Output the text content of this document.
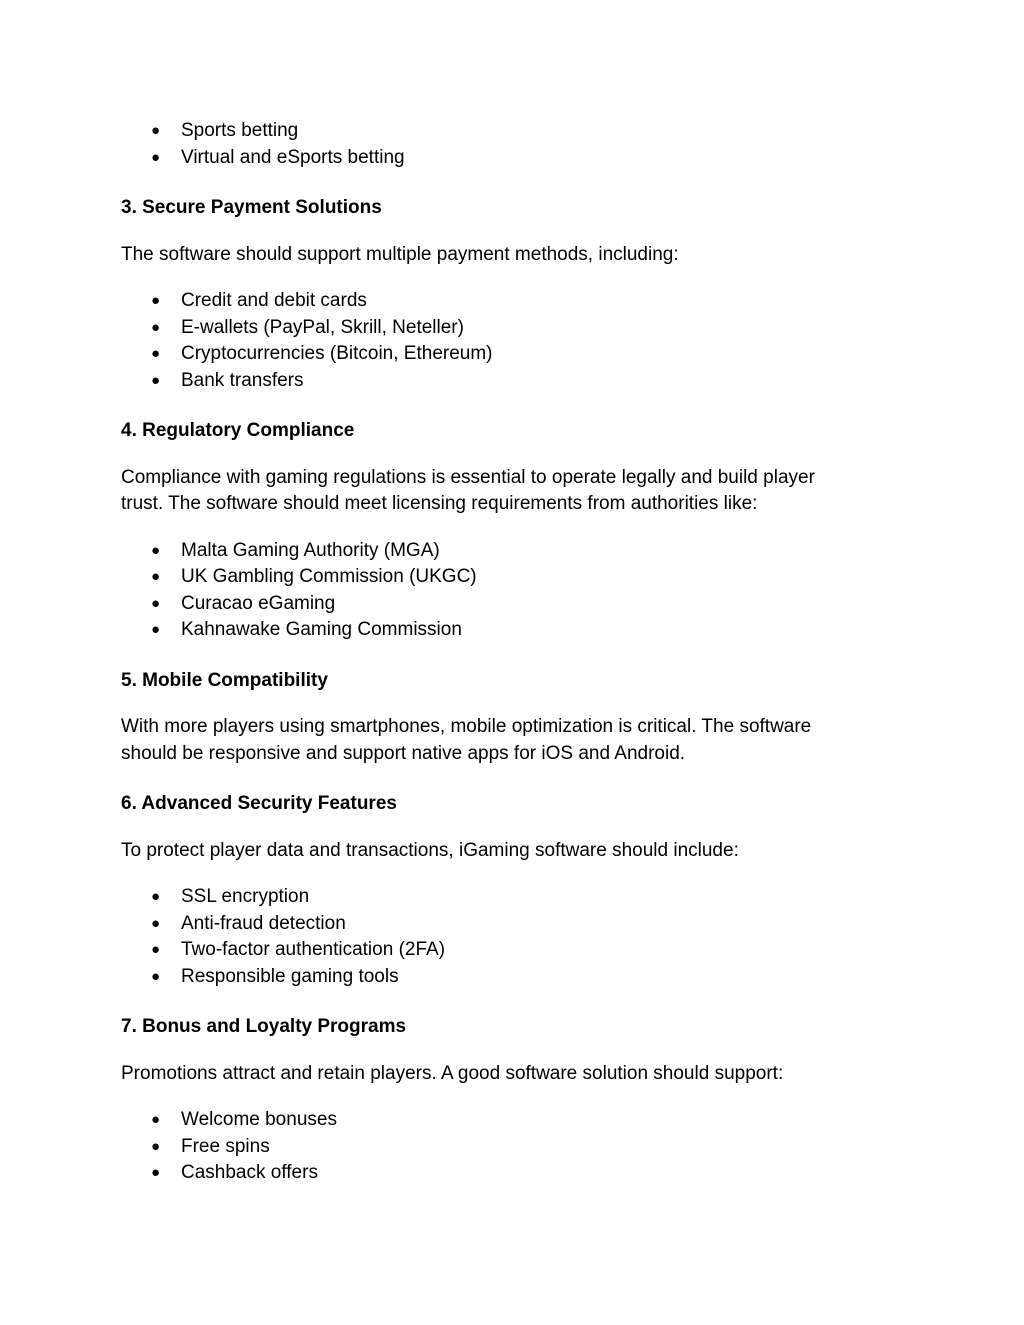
● Sports betting
● Virtual and eSports betting
3. Secure Payment Solutions

The software should support multiple payment methods, including:

● Credit and debit cards
● E-wallets (PayPal, Skrill, Neteller)
● Cryptocurrencies (Bitcoin, Ethereum)
● Bank transfers
4. Regulatory Compliance

Compliance with gaming regulations is essential to operate legally and build player
trust. The software should meet licensing requirements from authorities like:

● Malta Gaming Authority (MGA)
● UK Gambling Commission (UKGC)
● Curacao eGaming
● Kahnawake Gaming Commission
5. Mobile Compatibility

With more players using smartphones, mobile optimization is critical. The software
should be responsive and support native apps for iOS and Android.

6. Advanced Security Features

To protect player data and transactions, iGaming software should include:

● SSL encryption
● Anti-fraud detection
● Two-factor authentication (2FA)
● Responsible gaming tools
7. Bonus and Loyalty Programs

Promotions attract and retain players. A good software solution should support:

● Welcome bonuses
● Free spins
● Cashback offers
